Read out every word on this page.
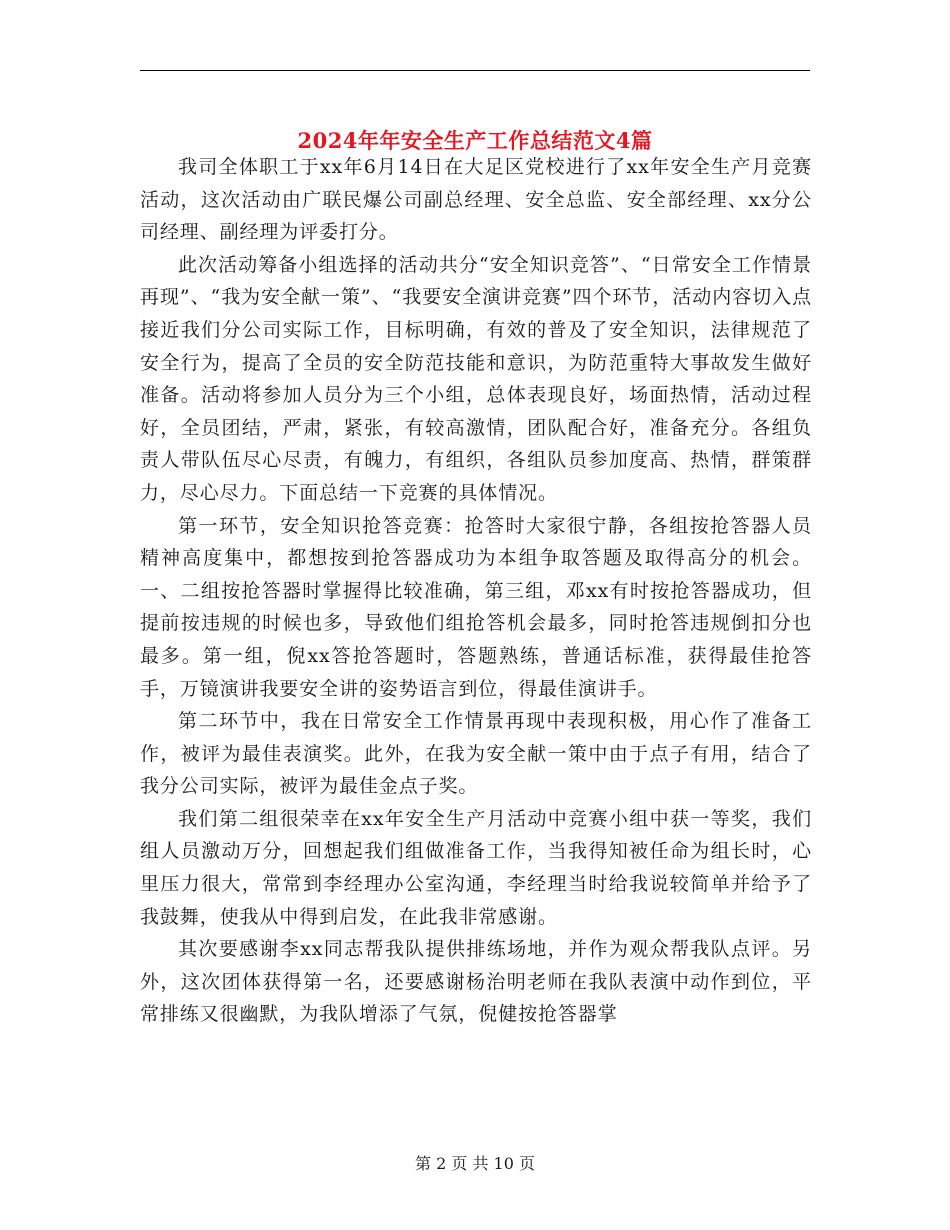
2024年年安全生产工作总结范文4篇

我司全体职工于xx年6月14日在大足区党校进行了xx年安全生产月竞赛活动，这次活动由广联民爆公司副总经理、安全总监、安全部经理、xx分公司经理、副经理为评委打分。

此次活动筹备小组选择的活动共分“安全知识竞答”、“日常安全工作情景再现”、“我为安全献一策”、“我要安全演讲竞赛”四个环节，活动内容切入点接近我们分公司实际工作，目标明确，有效的普及了安全知识，法律规范了安全行为，提高了全员的安全防范技能和意识，为防范重特大事故发生做好准备。活动将参加人员分为三个小组，总体表现良好，场面热情，活动过程好，全员团结，严肃，紧张，有较高激情，团队配合好，准备充分。各组负责人带队伍尽心尽责，有魄力，有组织，各组队员参加度高、热情，群策群力，尽心尽力。下面总结一下竞赛的具体情况。

第一环节，安全知识抢答竞赛：抢答时大家很宁静，各组按抢答器人员精神高度集中，都想按到抢答器成功为本组争取答题及取得高分的机会。一、二组按抢答器时掌握得比较准确，第三组，邓xx有时按抢答器成功，但提前按违规的时候也多，导致他们组抢答机会最多，同时抢答违规倒扣分也最多。第一组，倪xx答抢答题时，答题熟练，普通话标准，获得最佳抢答手，万镜演讲我要安全讲的姿势语言到位，得最佳演讲手。

第二环节中，我在日常安全工作情景再现中表现积极，用心作了准备工作，被评为最佳表演奖。此外，在我为安全献一策中由于点子有用，结合了我分公司实际，被评为最佳金点子奖。

我们第二组很荣幸在xx年安全生产月活动中竞赛小组中获一等奖，我们组人员激动万分，回想起我们组做准备工作，当我得知被任命为组长时，心里压力很大，常常到李经理办公室沟通，李经理当时给我说较简单并给予了我鼓舞，使我从中得到启发，在此我非常感谢。

其次要感谢李xx同志帮我队提供排练场地，并作为观众帮我队点评。另外，这次团体获得第一名，还要感谢杨治明老师在我队表演中动作到位，平常排练又很幽默，为我队增添了气氛，倪健按抢答器掌

第 2 页 共 10 页
